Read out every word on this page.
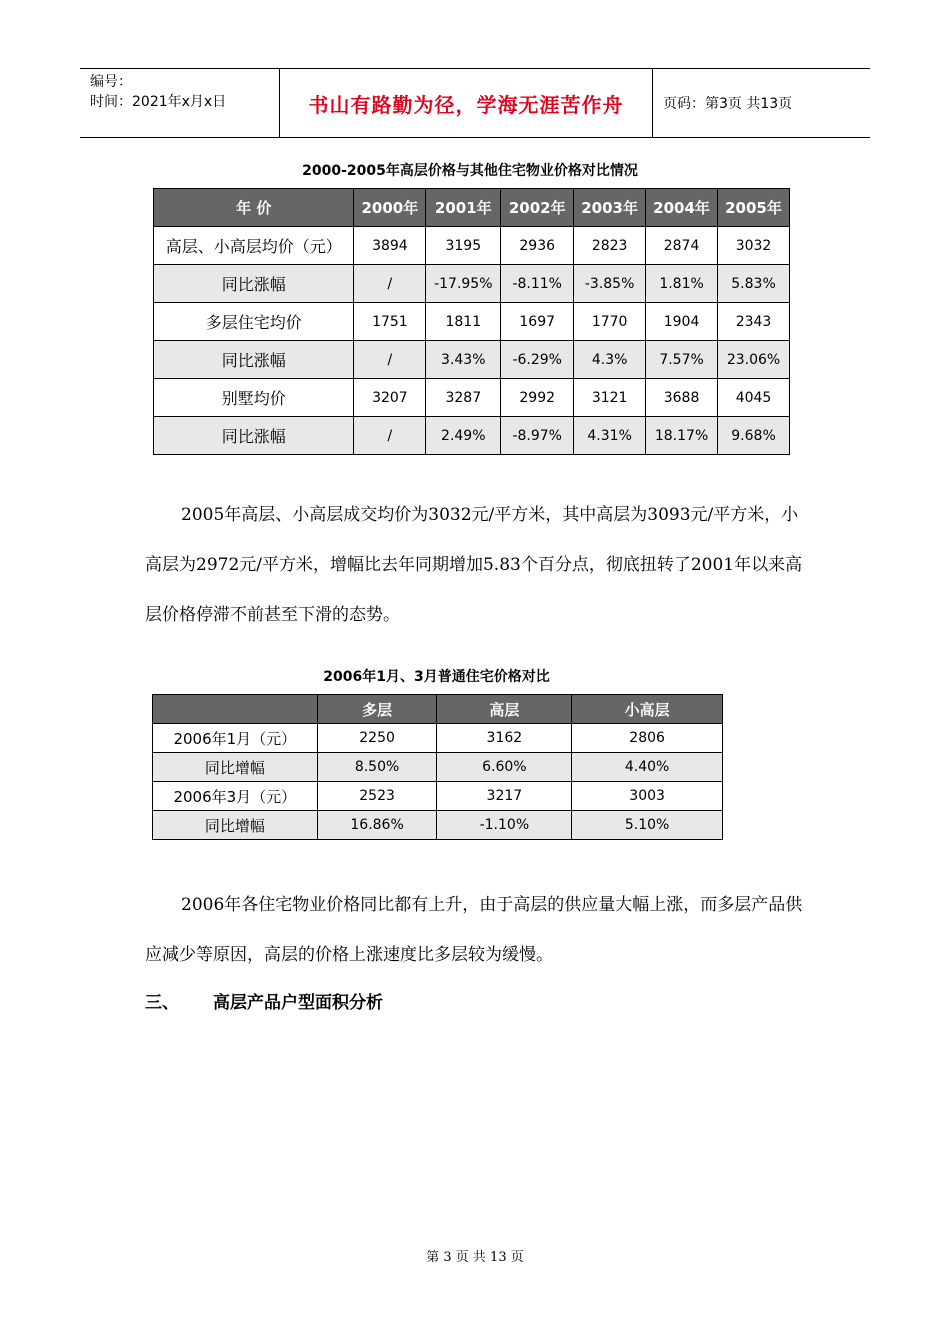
编号：
时间：2021年x月x日	书山有路勤为径，学海无涯苦作舟	页码：第3页 共13页
2000-2005年高层价格与其他住宅物业价格对比情况
年 价	2000年	2001年	2002年	2003年	2004年	2005年
高层、小高层均价（元）	3894	3195	2936	2823	2874	3032
同比涨幅	/	-17.95%	-8.11%	-3.85%	1.81%	5.83%
多层住宅均价	1751	1811	1697	1770	1904	2343
同比涨幅	/	3.43%	-6.29%	4.3%	7.57%	23.06%
别墅均价	3207	3287	2992	3121	3688	4045
同比涨幅	/	2.49%	-8.97%	4.31%	18.17%	9.68%
2005年高层、小高层成交均价为3032元/平方米，其中高层为3093元/平方米，小高层为2972元/平方米，增幅比去年同期增加5.83个百分点，彻底扭转了2001年以来高层价格停滞不前甚至下滑的态势。
2006年1月、3月普通住宅价格对比
	多层	高层	小高层
2006年1月（元）	2250	3162	2806
同比增幅	8.50%	6.60%	4.40%
2006年3月（元）	2523	3217	3003
同比增幅	16.86%	-1.10%	5.10%
2006年各住宅物业价格同比都有上升，由于高层的供应量大幅上涨，而多层产品供应减少等原因，高层的价格上涨速度比多层较为缓慢。
三、 高层产品户型面积分析
第 3 页 共 13 页
